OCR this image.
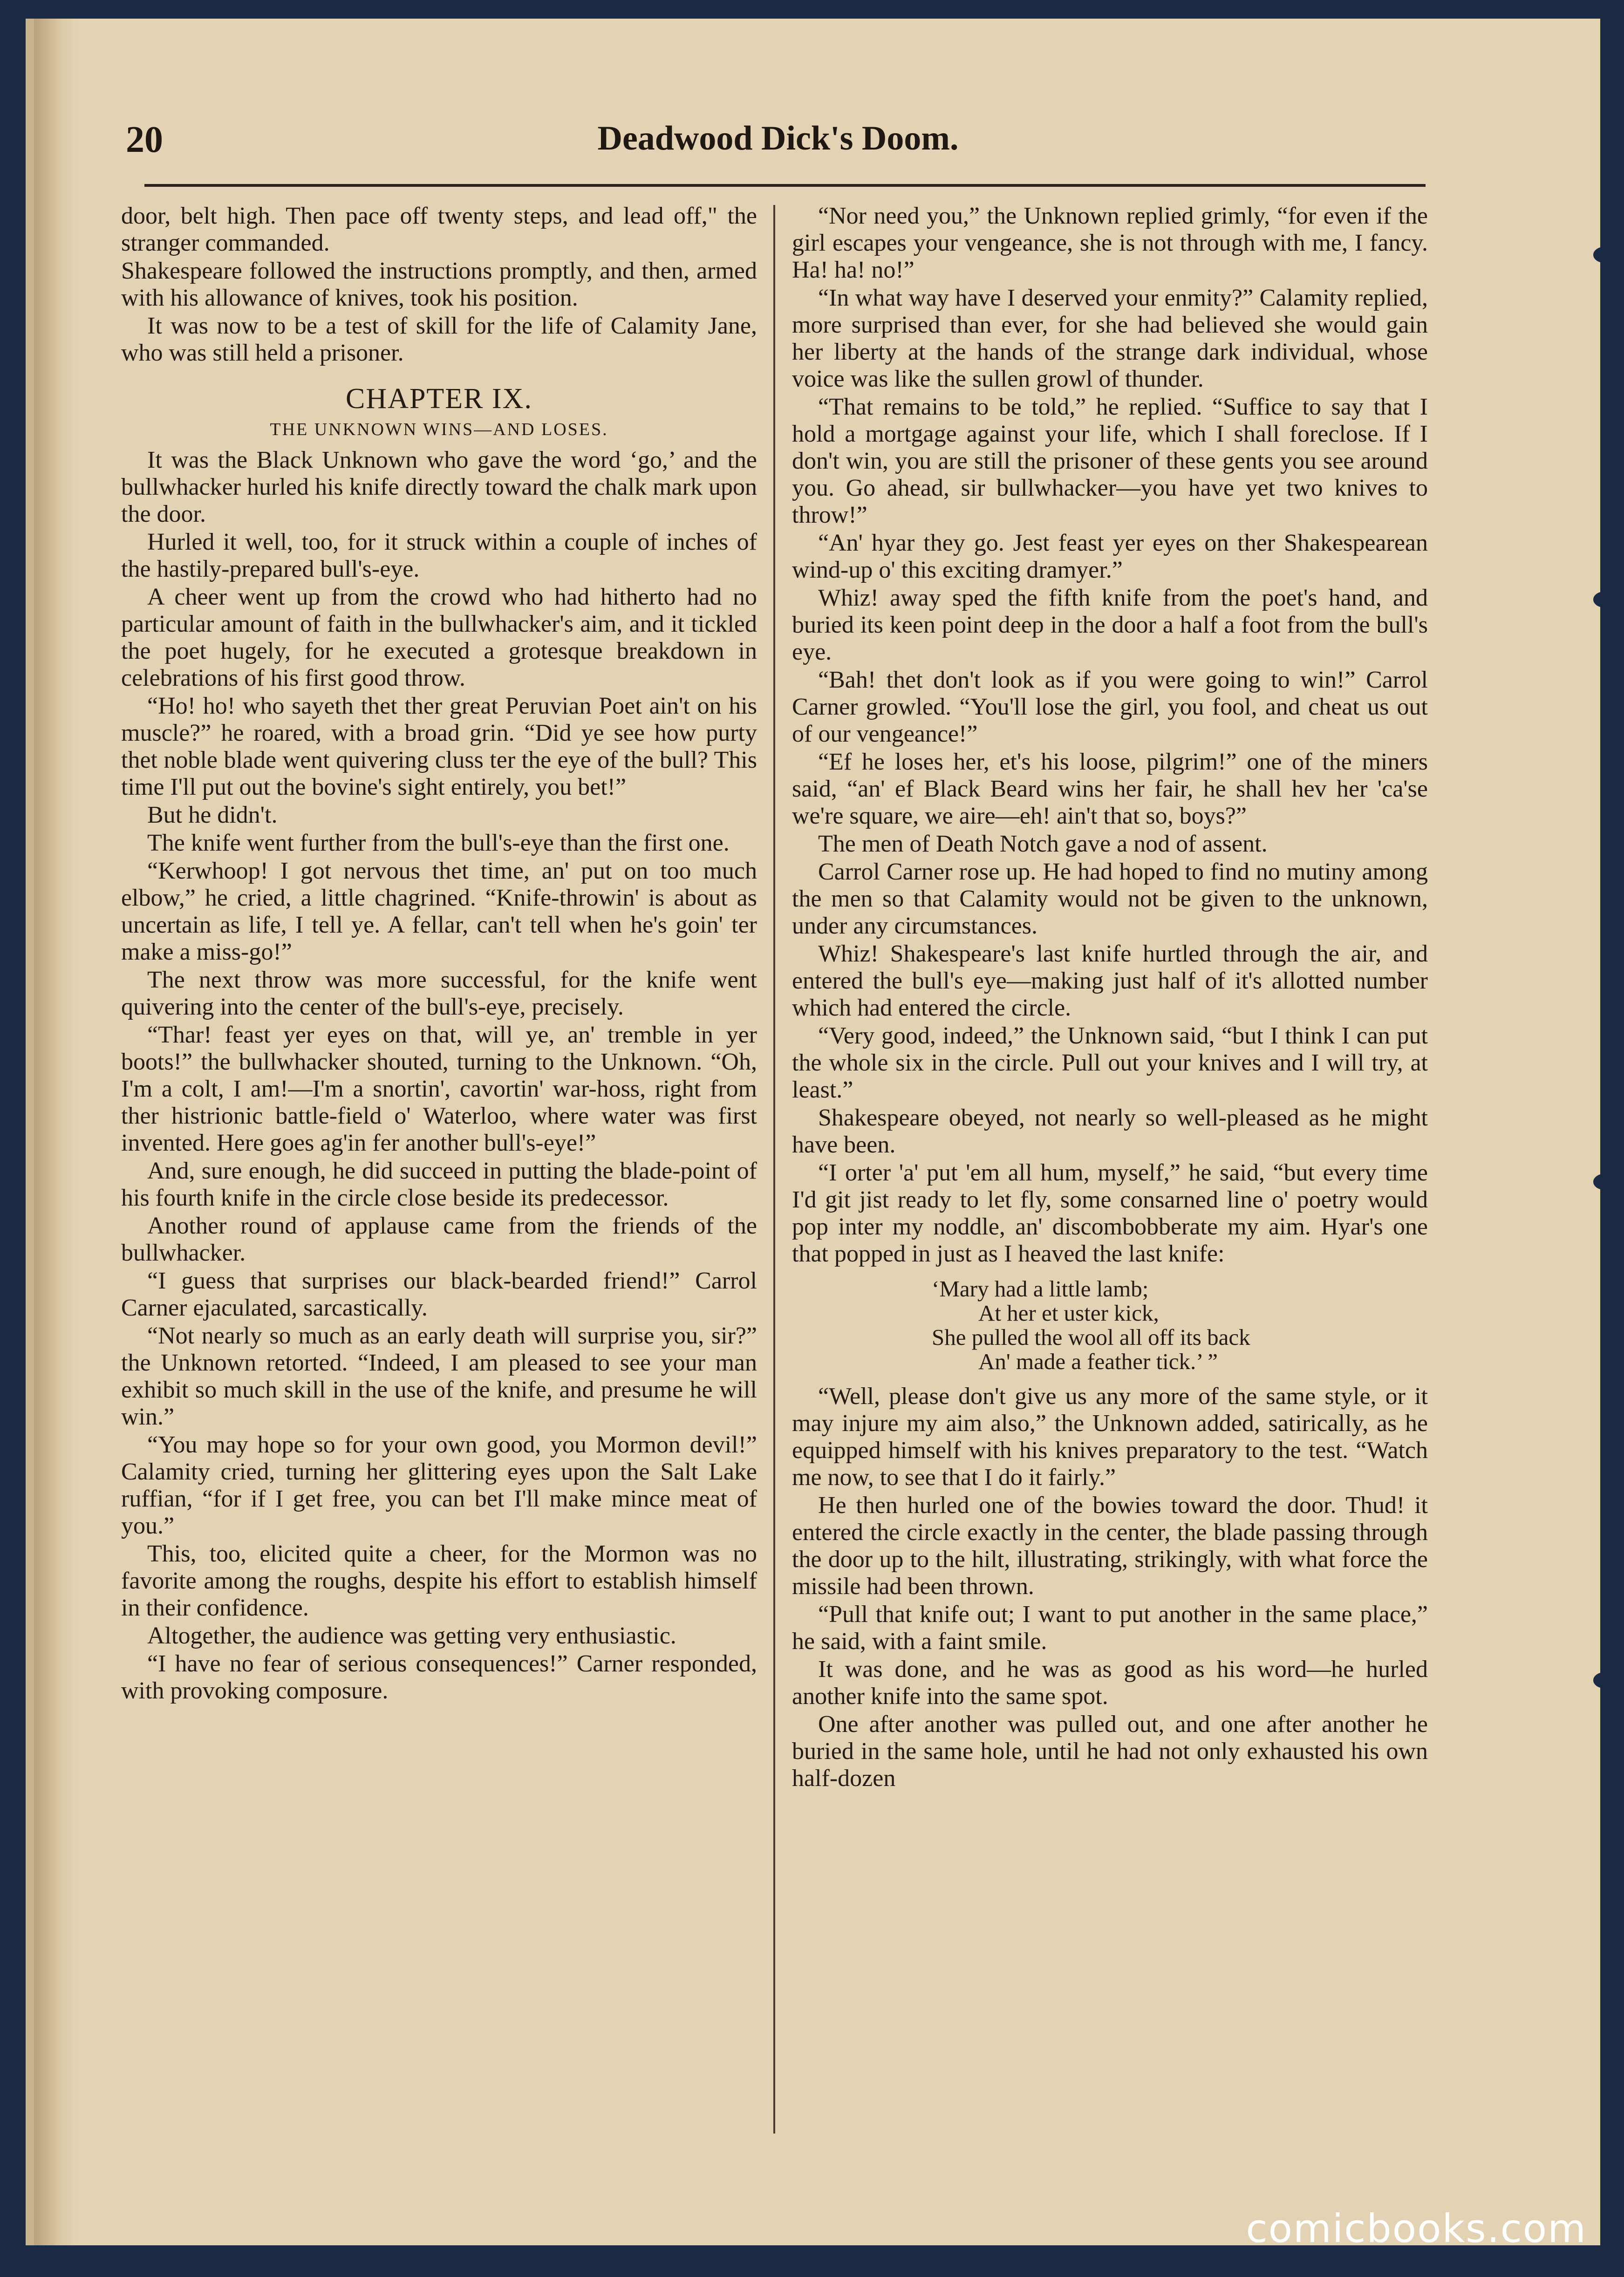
20	Deadwood Dick's Doom.

door, belt high. Then pace off twenty steps, and lead off," the stranger commanded.

Shakespeare followed the instructions promptly, and then, armed with his allowance of knives, took his position.

It was now to be a test of skill for the life of Calamity Jane, who was still held a prisoner.

CHAPTER IX.
THE UNKNOWN WINS—AND LOSES.

It was the Black Unknown who gave the word ‘go,’ and the bullwhacker hurled his knife directly toward the chalk mark upon the door.

Hurled it well, too, for it struck within a couple of inches of the hastily-prepared bull's-eye.

A cheer went up from the crowd who had hitherto had no particular amount of faith in the bullwhacker's aim, and it tickled the poet hugely, for he executed a grotesque breakdown in celebrations of his first good throw.

“Ho! ho! who sayeth thet ther great Peruvian Poet ain't on his muscle?” he roared, with a broad grin. “Did ye see how purty thet noble blade went quivering cluss ter the eye of the bull? This time I'll put out the bovine's sight entirely, you bet!”

But he didn't.

The knife went further from the bull's-eye than the first one.

“Kerwhoop! I got nervous thet time, an' put on too much elbow,” he cried, a little chagrined. “Knife-throwin' is about as uncertain as life, I tell ye. A fellar, can't tell when he's goin' ter make a miss-go!”

The next throw was more successful, for the knife went quivering into the center of the bull's-eye, precisely.

“Thar! feast yer eyes on that, will ye, an' tremble in yer boots!” the bullwhacker shouted, turning to the Unknown. “Oh, I'm a colt, I am!—I'm a snortin', cavortin' war-hoss, right from ther histrionic battle-field o' Waterloo, where water was first invented. Here goes ag'in fer another bull's-eye!”

And, sure enough, he did succeed in putting the blade-point of his fourth knife in the circle close beside its predecessor.

Another round of applause came from the friends of the bullwhacker.

“I guess that surprises our black-bearded friend!” Carrol Carner ejaculated, sarcastically.

“Not nearly so much as an early death will surprise you, sir?” the Unknown retorted. “Indeed, I am pleased to see your man exhibit so much skill in the use of the knife, and presume he will win.”

“You may hope so for your own good, you Mormon devil!” Calamity cried, turning her glittering eyes upon the Salt Lake ruffian, “for if I get free, you can bet I'll make mince meat of you.”

This, too, elicited quite a cheer, for the Mormon was no favorite among the roughs, despite his effort to establish himself in their confidence.

Altogether, the audience was getting very enthusiastic.

“I have no fear of serious consequences!” Carner responded, with provoking composure.

“Nor need you,” the Unknown replied grimly, “for even if the girl escapes your vengeance, she is not through with me, I fancy. Ha! ha! no!”

“In what way have I deserved your enmity?” Calamity replied, more surprised than ever, for she had believed she would gain her liberty at the hands of the strange dark individual, whose voice was like the sullen growl of thunder.

“That remains to be told,” he replied. “Suffice to say that I hold a mortgage against your life, which I shall foreclose. If I don't win, you are still the prisoner of these gents you see around you. Go ahead, sir bullwhacker—you have yet two knives to throw!”

“An' hyar they go. Jest feast yer eyes on ther Shakespearean wind-up o' this exciting dramyer.”

Whiz! away sped the fifth knife from the poet's hand, and buried its keen point deep in the door a half a foot from the bull's eye.

“Bah! thet don't look as if you were going to win!” Carrol Carner growled. “You'll lose the girl, you fool, and cheat us out of our vengeance!”

“Ef he loses her, et's his loose, pilgrim!” one of the miners said, “an' ef Black Beard wins her fair, he shall hev her 'ca'se we're square, we aire—eh! ain't that so, boys?”

The men of Death Notch gave a nod of assent.

Carrol Carner rose up. He had hoped to find no mutiny among the men so that Calamity would not be given to the unknown, under any circumstances.

Whiz! Shakespeare's last knife hurtled through the air, and entered the bull's eye—making just half of it's allotted number which had entered the circle.

“Very good, indeed,” the Unknown said, “but I think I can put the whole six in the circle. Pull out your knives and I will try, at least.”

Shakespeare obeyed, not nearly so well-pleased as he might have been.

“I orter 'a' put 'em all hum, myself,” he said, “but every time I'd git jist ready to let fly, some consarned line o' poetry would pop inter my noddle, an' discombobberate my aim. Hyar's one that popped in just as I heaved the last knife:

‘Mary had a little lamb;
At her et uster kick,
She pulled the wool all off its back
An' made a feather tick.’ ”

“Well, please don't give us any more of the same style, or it may injure my aim also,” the Unknown added, satirically, as he equipped himself with his knives preparatory to the test. “Watch me now, to see that I do it fairly.”

He then hurled one of the bowies toward the door. Thud! it entered the circle exactly in the center, the blade passing through the door up to the hilt, illustrating, strikingly, with what force the missile had been thrown.

“Pull that knife out; I want to put another in the same place,” he said, with a faint smile.

It was done, and he was as good as his word—he hurled another knife into the same spot.

One after another was pulled out, and one after another he buried in the same hole, until he had not only exhausted his own half-dozen

comicbooks.com
